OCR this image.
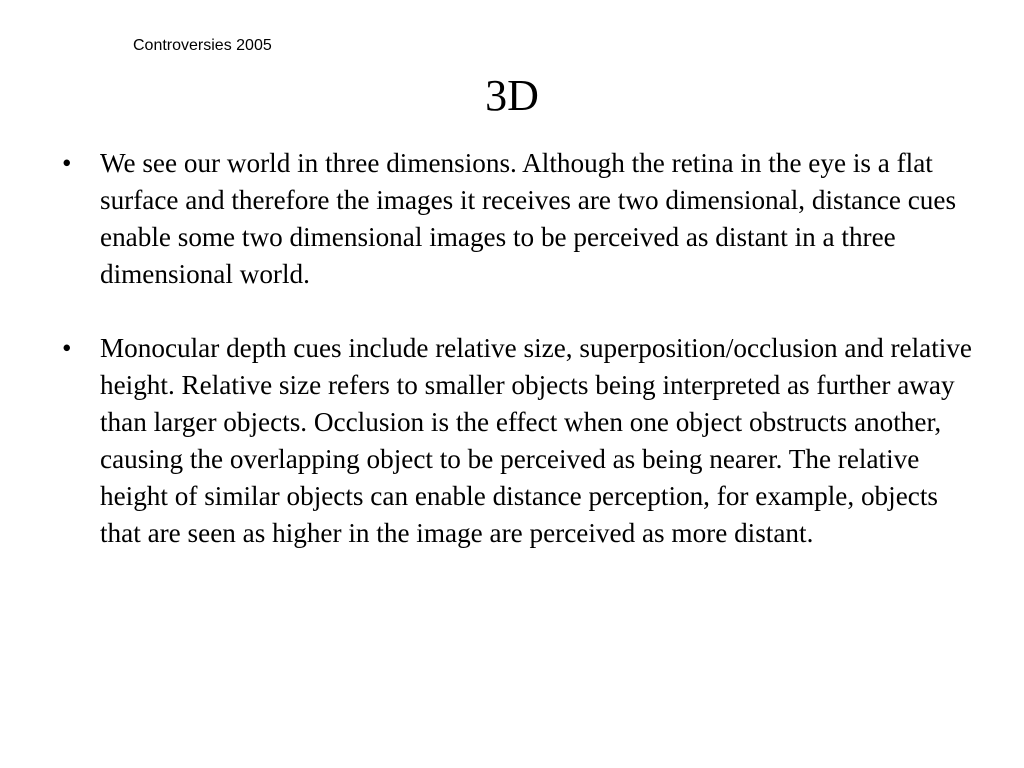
Controversies 2005
3D
• We see our world in three dimensions. Although the retina in the eye is a flat surface and therefore the images it receives are two dimensional, distance cues enable some two dimensional images to be perceived as distant in a three dimensional world.
• Monocular depth cues include relative size, superposition/occlusion and relative height. Relative size refers to smaller objects being interpreted as further away than larger objects. Occlusion is the effect when one object obstructs another, causing the overlapping object to be perceived as being nearer. The relative height of similar objects can enable distance perception, for example, objects that are seen as higher in the image are perceived as more distant.
